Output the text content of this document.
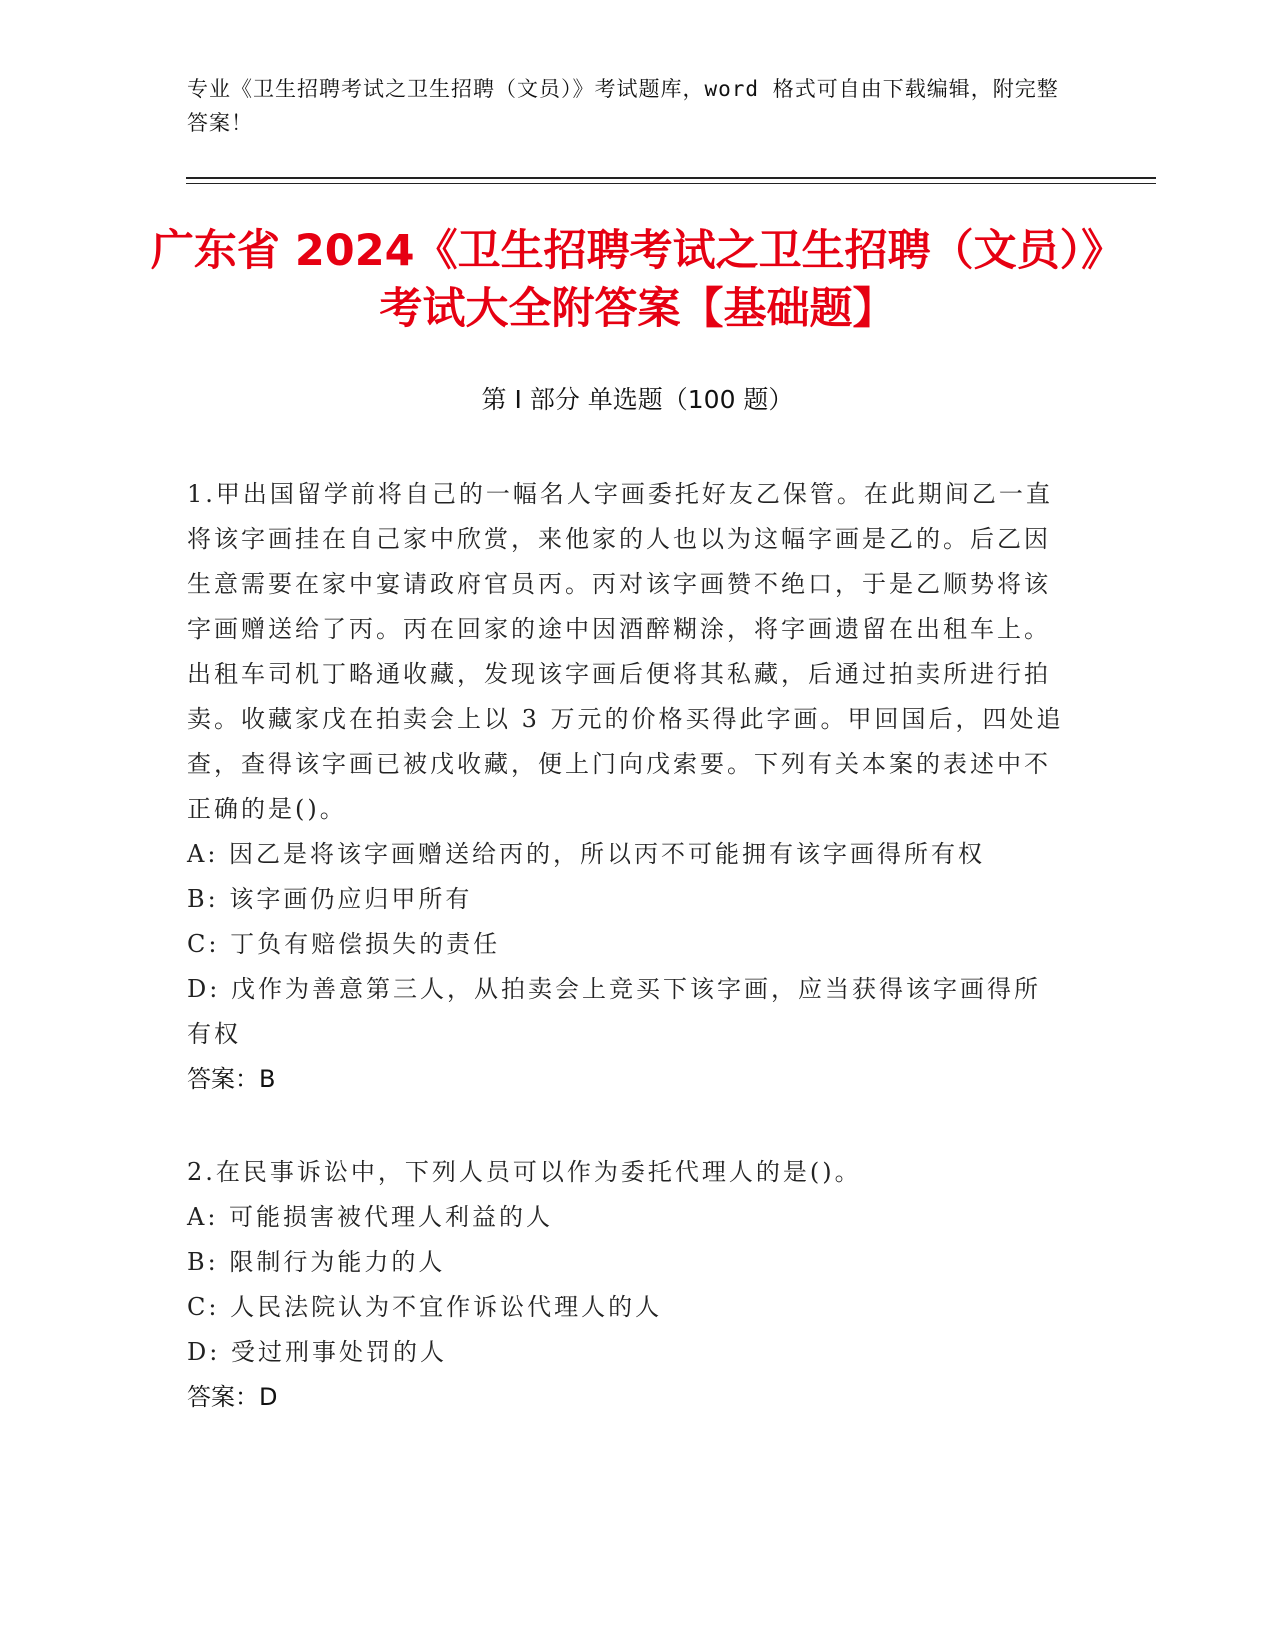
专业《卫生招聘考试之卫生招聘（文员）》考试题库，word 格式可自由下载编辑，附完整答案！
广东省 2024《卫生招聘考试之卫生招聘（文员）》考试大全附答案【基础题】
第 I 部分 单选题（100 题）

1.甲出国留学前将自己的一幅名人字画委托好友乙保管。在此期间乙一直将该字画挂在自己家中欣赏，来他家的人也以为这幅字画是乙的。后乙因生意需要在家中宴请政府官员丙。丙对该字画赞不绝口，于是乙顺势将该字画赠送给了丙。丙在回家的途中因酒醉糊涂，将字画遗留在出租车上。出租车司机丁略通收藏，发现该字画后便将其私藏，后通过拍卖所进行拍卖。收藏家戊在拍卖会上以 3 万元的价格买得此字画。甲回国后，四处追查，查得该字画已被戊收藏，便上门向戊索要。下列有关本案的表述中不正确的是()。

A: 因乙是将该字画赠送给丙的，所以丙不可能拥有该字画得所有权

B: 该字画仍应归甲所有

C: 丁负有赔偿损失的责任

D: 戊作为善意第三人，从拍卖会上竞买下该字画，应当获得该字画得所有权

答案：B

2.在民事诉讼中，下列人员可以作为委托代理人的是()。

A: 可能损害被代理人利益的人

B: 限制行为能力的人

C: 人民法院认为不宜作诉讼代理人的人

D: 受过刑事处罚的人

答案：D
